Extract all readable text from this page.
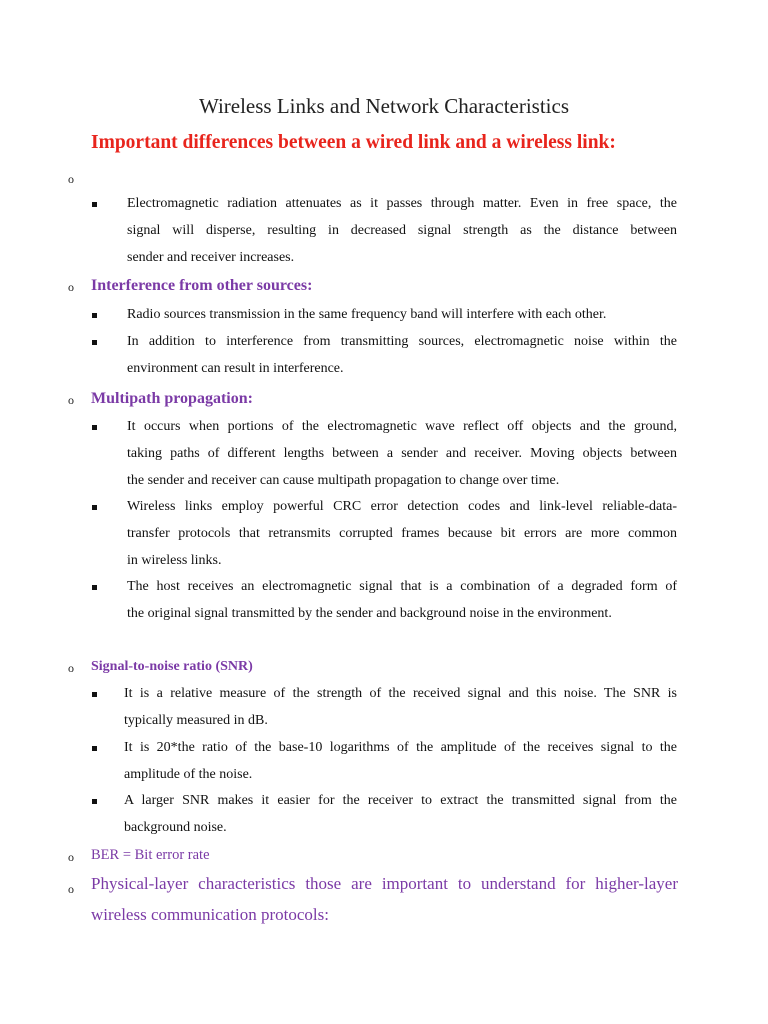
Wireless Links and Network Characteristics
Important differences between a wired link and a wireless link:
o
Electromagnetic radiation attenuates as it passes through matter. Even in free space, the
signal will disperse, resulting in decreased signal strength as the distance between
sender and receiver increases.
o Interference from other sources:
Radio sources transmission in the same frequency band will interfere with each other.
In addition to interference from transmitting sources, electromagnetic noise within the
environment can result in interference.
o Multipath propagation:
It occurs when portions of the electromagnetic wave reflect off objects and the ground,
taking paths of different lengths between a sender and receiver. Moving objects between
the sender and receiver can cause multipath propagation to change over time.
Wireless links employ powerful CRC error detection codes and link-level reliable-data-
transfer protocols that retransmits corrupted frames because bit errors are more common
in wireless links.
The host receives an electromagnetic signal that is a combination of a degraded form of
the original signal transmitted by the sender and background noise in the environment.
o Signal-to-noise ratio (SNR)
It is a relative measure of the strength of the received signal and this noise. The SNR is
typically measured in dB.
It is 20*the ratio of the base-10 logarithms of the amplitude of the receives signal to the
amplitude of the noise.
A larger SNR makes it easier for the receiver to extract the transmitted signal from the
background noise.
o BER = Bit error rate
o Physical-layer characteristics those are important to understand for higher-layer
wireless communication protocols:
